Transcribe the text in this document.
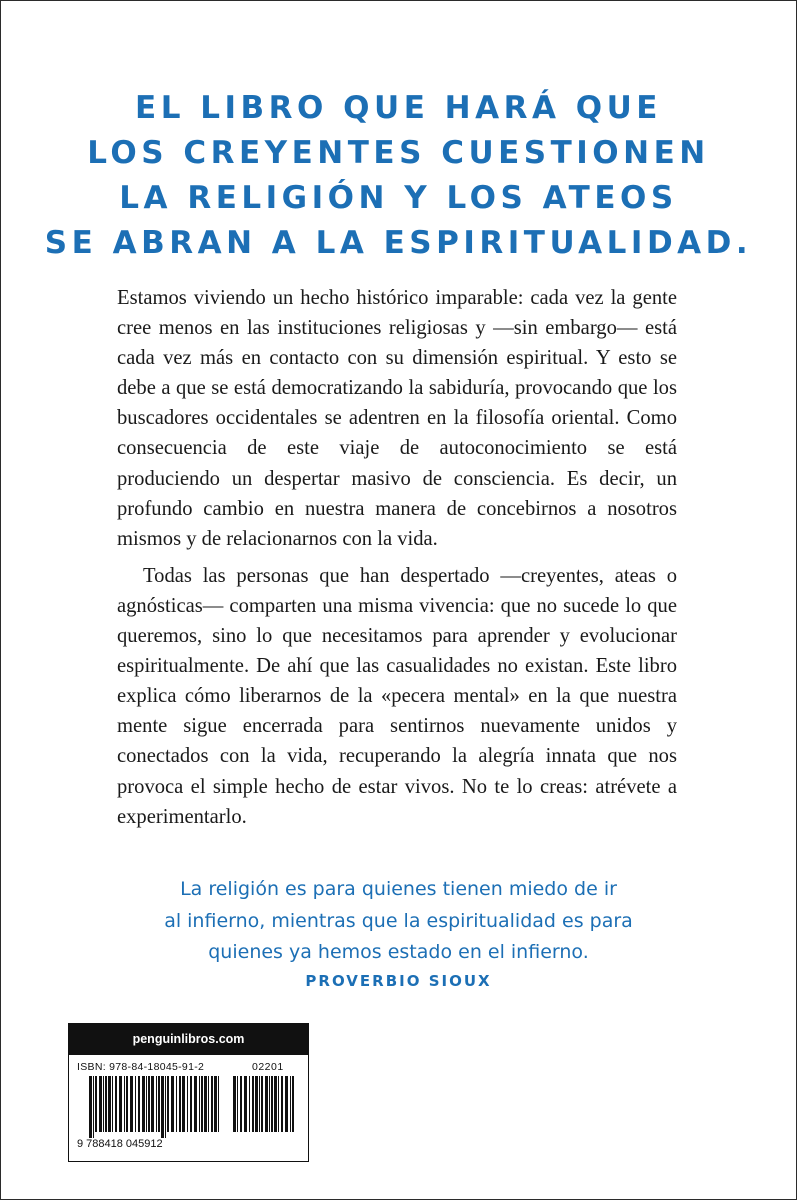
EL LIBRO QUE HARÁ QUE
LOS CREYENTES CUESTIONEN
LA RELIGIÓN Y LOS ATEOS
SE ABRAN A LA ESPIRITUALIDAD.

Estamos viviendo un hecho histórico imparable: cada vez la gente cree menos en las instituciones religiosas y —sin embargo— está cada vez más en contacto con su dimensión espiritual. Y esto se debe a que se está democratizando la sabiduría, provocando que los buscadores occidentales se adentren en la filosofía oriental. Como consecuencia de este viaje de autoconocimiento se está produciendo un despertar masivo de consciencia. Es decir, un profundo cambio en nuestra manera de concebirnos a nosotros mismos y de relacionarnos con la vida.

Todas las personas que han despertado —creyentes, ateas o agnósticas— comparten una misma vivencia: que no sucede lo que queremos, sino lo que necesitamos para aprender y evolucionar espiritualmente. De ahí que las casualidades no existan. Este libro explica cómo liberarnos de la «pecera mental» en la que nuestra mente sigue encerrada para sentirnos nuevamente unidos y conectados con la vida, recuperando la alegría innata que nos provoca el simple hecho de estar vivos. No te lo creas: atrévete a experimentarlo.

La religión es para quienes tienen miedo de ir
al infierno, mientras que la espiritualidad es para
quienes ya hemos estado en el infierno.
PROVERBIO SIOUX
penguinlibros.com
ISBN: 978-84-18045-91-2	02201
9 788418 045912
